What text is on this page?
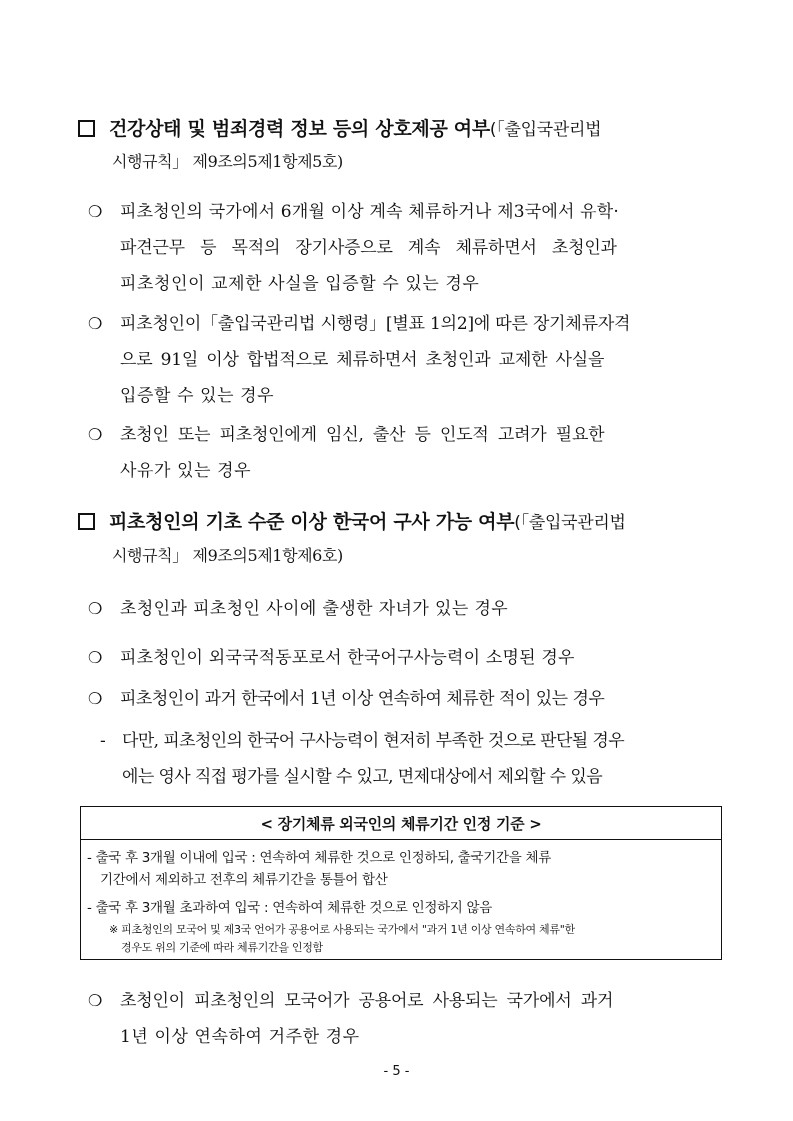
건강상태 및 범죄경력 정보 등의 상호제공 여부(「출입국관리법
시행규칙」 제9조의5제1항제5호)
❍	피초청인의 국가에서 6개월 이상 계속 체류하거나 제3국에서 유학·
파견근무 등 목적의 장기사증으로 계속 체류하면서 초청인과
피초청인이 교제한 사실을 입증할 수 있는 경우
❍	피초청인이「출입국관리법 시행령」[별표 1의2]에 따른 장기체류자격
으로 91일 이상 합법적으로 체류하면서 초청인과 교제한 사실을
입증할 수 있는 경우
❍	초청인 또는 피초청인에게 임신, 출산 등 인도적 고려가 필요한
사유가 있는 경우
피초청인의 기초 수준 이상 한국어 구사 가능 여부(「출입국관리법
시행규칙」 제9조의5제1항제6호)
❍	초청인과 피초청인 사이에 출생한 자녀가 있는 경우
❍	피초청인이 외국국적동포로서 한국어구사능력이 소명된 경우
❍	피초청인이 과거 한국에서 1년 이상 연속하여 체류한 적이 있는 경우
- 다만, 피초청인의 한국어 구사능력이 현저히 부족한 것으로 판단될 경우
에는 영사 직접 평가를 실시할 수 있고, 면제대상에서 제외할 수 있음
< 장기체류 외국인의 체류기간 인정 기준 >
- 출국 후 3개월 이내에 입국 : 연속하여 체류한 것으로 인정하되, 출국기간을 체류
기간에서 제외하고 전후의 체류기간을 통틀어 합산
- 출국 후 3개월 초과하여 입국 : 연속하여 체류한 것으로 인정하지 않음
※ 피초청인의 모국어 및 제3국 언어가 공용어로 사용되는 국가에서 "과거 1년 이상 연속하여 체류"한
경우도 위의 기준에 따라 체류기간을 인정함
❍	초청인이 피초청인의 모국어가 공용어로 사용되는 국가에서 과거
1년 이상 연속하여 거주한 경우
- 5 -
